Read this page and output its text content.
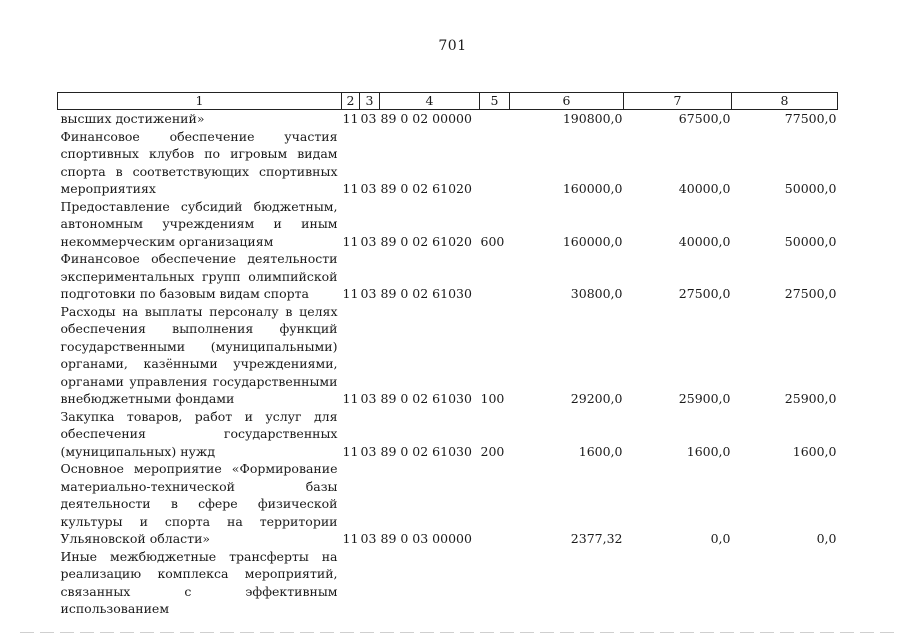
701
1	2	3	4	5	6	7	8
высших достижений»	11	03	89 0 02 00000		190800,0	67500,0	77500,0
Финансовое обеспечение участия спортивных клубов по игровым видам спорта в соответствующих спортивных мероприятиях	11	03	89 0 02 61020		160000,0	40000,0	50000,0
Предоставление субсидий бюджетным, автономным учреждениям и иным некоммерческим организациям	11	03	89 0 02 61020	600	160000,0	40000,0	50000,0
Финансовое обеспечение деятельности экспериментальных групп олимпийской подготовки по базовым видам спорта	11	03	89 0 02 61030		30800,0	27500,0	27500,0
Расходы на выплаты персоналу в целях обеспечения выполнения функций государственными (муниципальными) органами, казёнными учреждениями, органами управления государственными внебюджетными фондами	11	03	89 0 02 61030	100	29200,0	25900,0	25900,0
Закупка товаров, работ и услуг для обеспечения государственных (муниципальных) нужд	11	03	89 0 02 61030	200	1600,0	1600,0	1600,0
Основное мероприятие «Формирование материально-технической базы деятельности в сфере физической культуры и спорта на территории Ульяновской области»	11	03	89 0 03 00000		2377,32	0,0	0,0
Иные межбюджетные трансферты на реализацию комплекса мероприятий, связанных с эффективным использованием							
